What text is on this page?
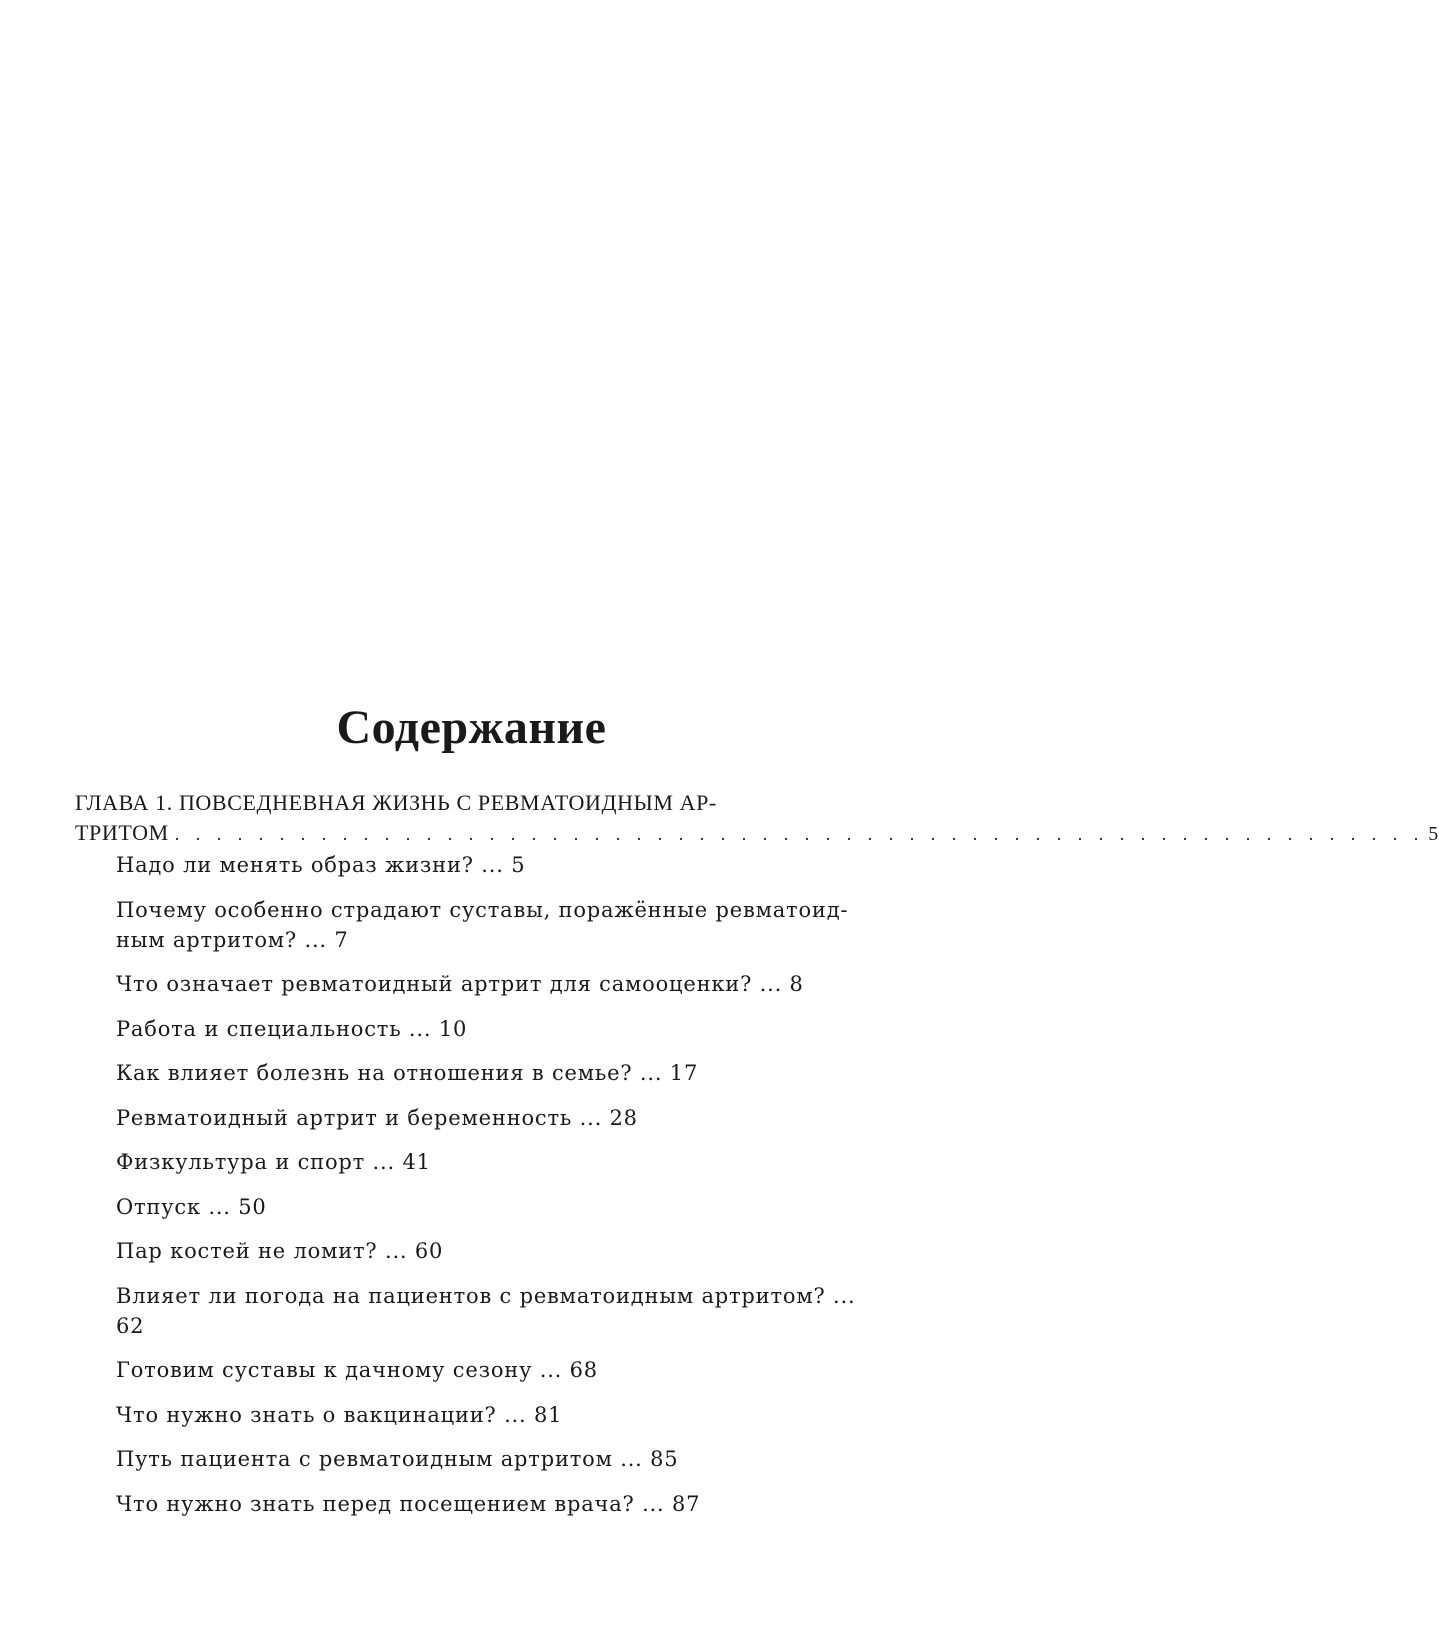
Содержание
ГЛАВА 1. ПОВСЕДНЕВНАЯ ЖИЗНЬ С РЕВМАТОИДНЫМ АР-
ТРИТОМ . . . . . . . . . . . . . . . . . . . . . . . . . . . . . . . . . . . . . . . . . . . . . . . . . . . . . . . . . . . . 5
Надо ли менять образ жизни? ... 5
Почему особенно страдают суставы, поражённые ревматоид-ным артритом? ... 7
Что означает ревматоидный артрит для самооценки? ... 8
Работа и специальность ... 10
Как влияет болезнь на отношения в семье? ... 17
Ревматоидный артрит и беременность ... 28
Физкультура и спорт ... 41
Отпуск ... 50
Пар костей не ломит? ... 60
Влияет ли погода на пациентов с ревматоидным артритом? ... 62
Готовим суставы к дачному сезону ... 68
Что нужно знать о вакцинации? ... 81
Путь пациента с ревматоидным артритом ... 85
Что нужно знать перед посещением врача? ... 87
